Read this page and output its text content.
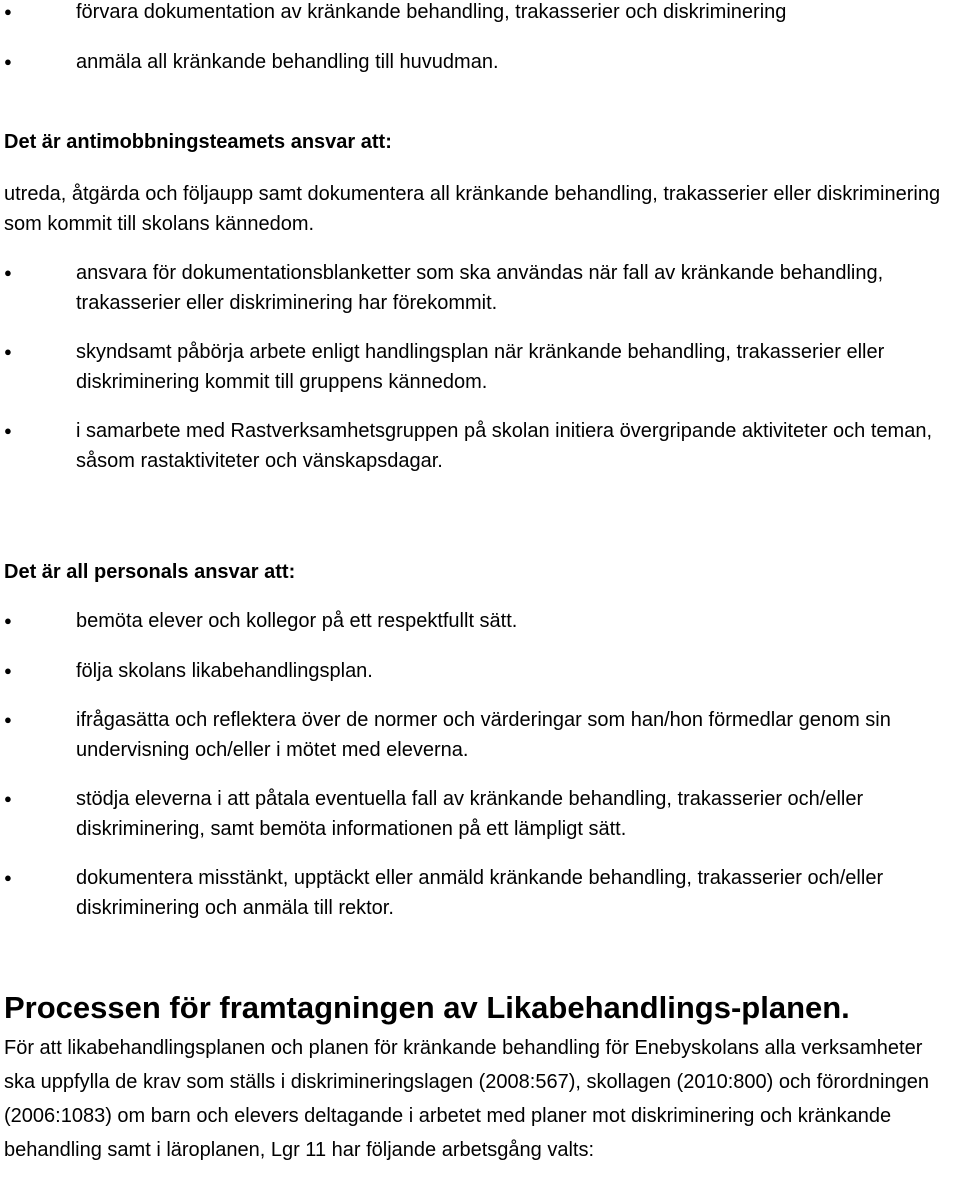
● förvara dokumentation av kränkande behandling, trakasserier och diskriminering
● anmäla all kränkande behandling till huvudman.

Det är antimobbningsteamets ansvar att:

utreda, åtgärda och följaupp samt dokumentera all kränkande behandling, trakasserier eller diskriminering som kommit till skolans kännedom.

● ansvara för dokumentationsblanketter som ska användas när fall av kränkande behandling, trakasserier eller diskriminering har förekommit.
● skyndsamt påbörja arbete enligt handlingsplan när kränkande behandling, trakasserier eller diskriminering kommit till gruppens kännedom.
● i samarbete med Rastverksamhetsgruppen på skolan initiera övergripande aktiviteter och teman, såsom rastaktiviteter och vänskapsdagar.

Det är all personals ansvar att:

● bemöta elever och kollegor på ett respektfullt sätt.
● följa skolans likabehandlingsplan.
● ifrågasätta och reflektera över de normer och värderingar som han/hon förmedlar genom sin undervisning och/eller i mötet med eleverna.
● stödja eleverna i att påtala eventuella fall av kränkande behandling, trakasserier och/eller diskriminering, samt bemöta informationen på ett lämpligt sätt.
● dokumentera misstänkt, upptäckt eller anmäld kränkande behandling, trakasserier och/eller diskriminering och anmäla till rektor.
Processen för framtagningen av Likabehandlings-planen.

För att likabehandlingsplanen och planen för kränkande behandling för Enebyskolans alla verksamheter ska uppfylla de krav som ställs i diskrimineringslagen (2008:567), skollagen (2010:800) och förordningen (2006:1083) om barn och elevers deltagande i arbetet med planer mot diskriminering och kränkande behandling samt i läroplanen, Lgr 11 har följande arbetsgång valts:
